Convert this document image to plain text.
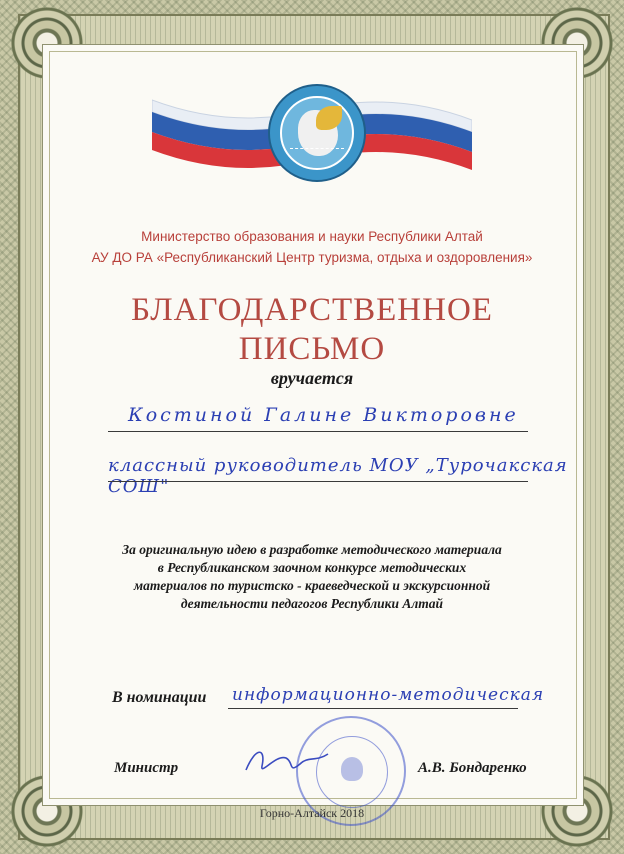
Министерство образования и науки Республики Алтай
АУ ДО РА «Республиканский Центр туризма, отдыха и оздоровления»
БЛАГОДАРСТВЕННОЕ
ПИСЬМО
вручается
Костиной Галине Викторовне
классный руководитель МОУ „Турочакская СОШ"
За оригинальную идею в разработке методического материала
в Республиканском заочном конкурсе методических
материалов по туристско - краеведческой и экскурсионной
деятельности педагогов Республики Алтай
В номинации информационно-методическая
Министр	А.В. Бондаренко
Горно-Алтайск 2018
